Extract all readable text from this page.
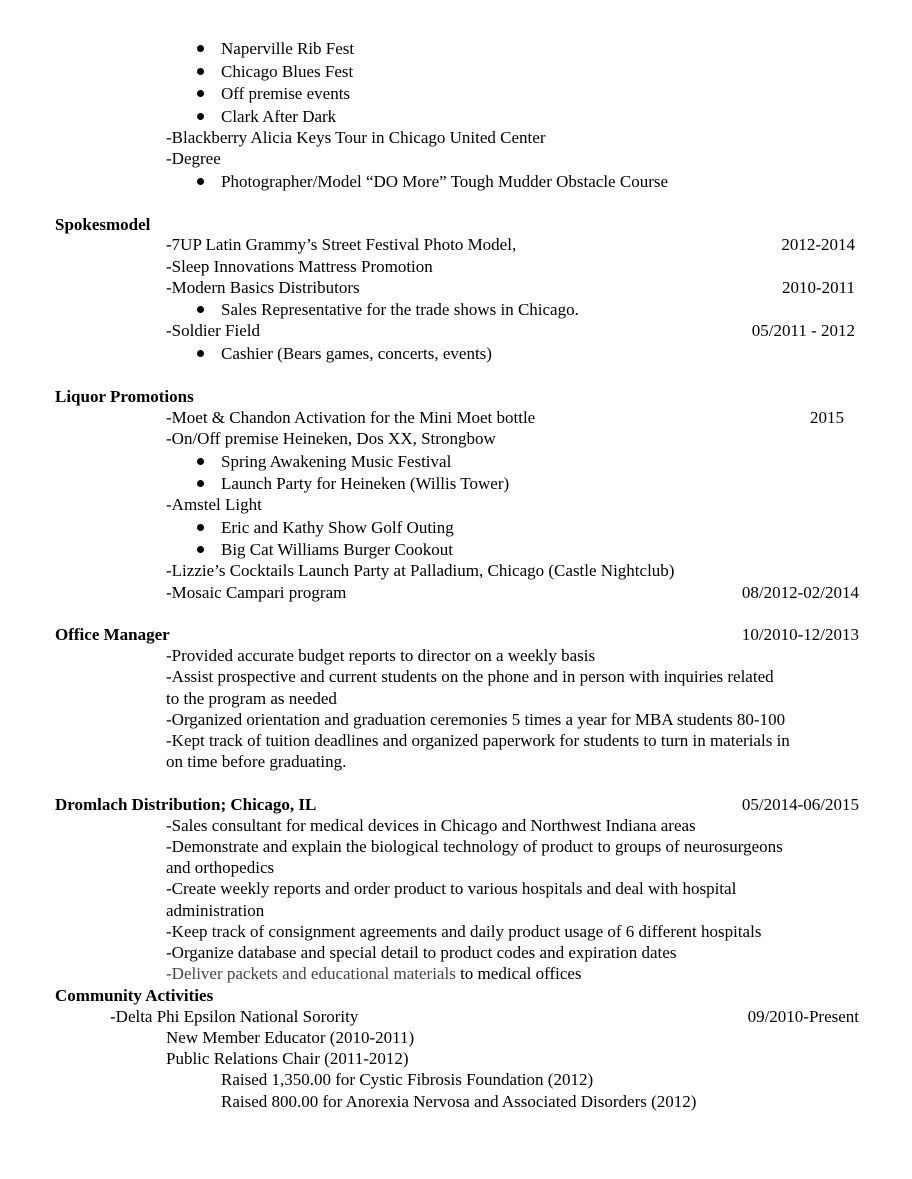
Naperville Rib Fest
Chicago Blues Fest
Off premise events
Clark After Dark
-Blackberry Alicia Keys Tour in Chicago United Center
-Degree
Photographer/Model “DO More” Tough Mudder Obstacle Course
Spokesmodel
-7UP Latin Grammy’s Street Festival Photo Model,	2012-2014
-Sleep Innovations Mattress Promotion
-Modern Basics Distributors	2010-2011
Sales Representative for the trade shows in Chicago.
-Soldier Field	05/2011 - 2012
Cashier (Bears games, concerts, events)
Liquor Promotions
-Moet & Chandon Activation for the Mini Moet bottle	2015
-On/Off premise Heineken, Dos XX, Strongbow
Spring Awakening Music Festival
Launch Party for Heineken (Willis Tower)
-Amstel Light
Eric and Kathy Show Golf Outing
Big Cat Williams Burger Cookout
-Lizzie’s Cocktails Launch Party at Palladium, Chicago (Castle Nightclub)
-Mosaic Campari program	08/2012-02/2014
Office Manager	10/2010-12/2013
-Provided accurate budget reports to director on a weekly basis
-Assist prospective and current students on the phone and in person with inquiries related
to the program as needed
-Organized orientation and graduation ceremonies 5 times a year for MBA students 80-100
-Kept track of tuition deadlines and organized paperwork for students to turn in materials in
on time before graduating.
Dromlach Distribution; Chicago, IL	05/2014-06/2015
-Sales consultant for medical devices in Chicago and Northwest Indiana areas
-Demonstrate and explain the biological technology of product to groups of neurosurgeons
and orthopedics
-Create weekly reports and order product to various hospitals and deal with hospital
administration
-Keep track of consignment agreements and daily product usage of 6 different hospitals
-Organize database and special detail to product codes and expiration dates
-Deliver packets and educational materials to medical offices
Community Activities
-Delta Phi Epsilon National Sorority	09/2010-Present
New Member Educator (2010-2011)
Public Relations Chair (2011-2012)
Raised 1,350.00 for Cystic Fibrosis Foundation (2012)
Raised 800.00 for Anorexia Nervosa and Associated Disorders (2012)
